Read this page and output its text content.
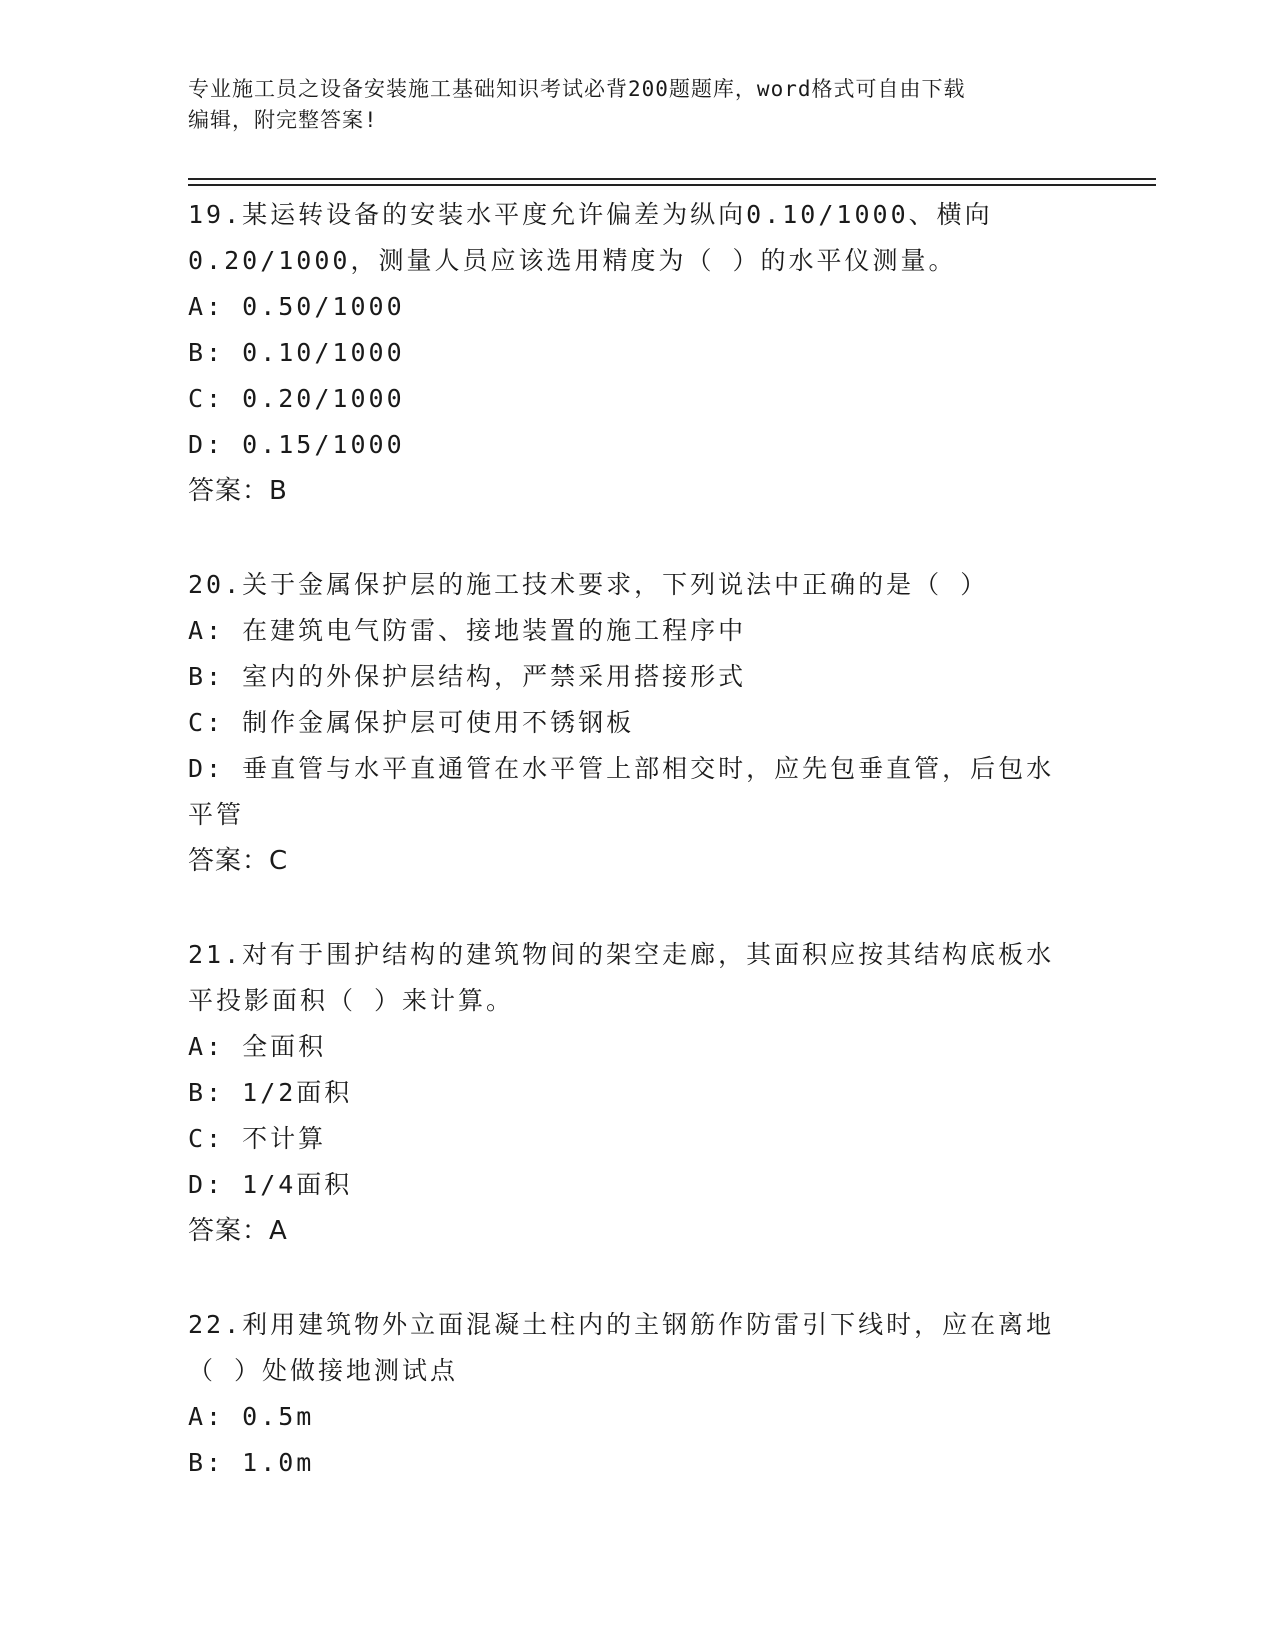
专业施工员之设备安装施工基础知识考试必背200题题库，word格式可自由下载
编辑，附完整答案!
19.某运转设备的安装水平度允许偏差为纵向0.10/1000、横向
0.20/1000，测量人员应该选用精度为（ ）的水平仪测量。
A: 0.50/1000
B: 0.10/1000
C: 0.20/1000
D: 0.15/1000
答案：B
20.关于金属保护层的施工技术要求，下列说法中正确的是（ ）
A: 在建筑电气防雷、接地装置的施工程序中
B: 室内的外保护层结构，严禁采用搭接形式
C: 制作金属保护层可使用不锈钢板
D: 垂直管与水平直通管在水平管上部相交时，应先包垂直管，后包水
平管
答案：C
21.对有于围护结构的建筑物间的架空走廊，其面积应按其结构底板水
平投影面积（ ）来计算。
A: 全面积
B: 1/2面积
C: 不计算
D: 1/4面积
答案：A
22.利用建筑物外立面混凝土柱内的主钢筋作防雷引下线时，应在离地
（ ）处做接地测试点
A: 0.5m
B: 1.0m
